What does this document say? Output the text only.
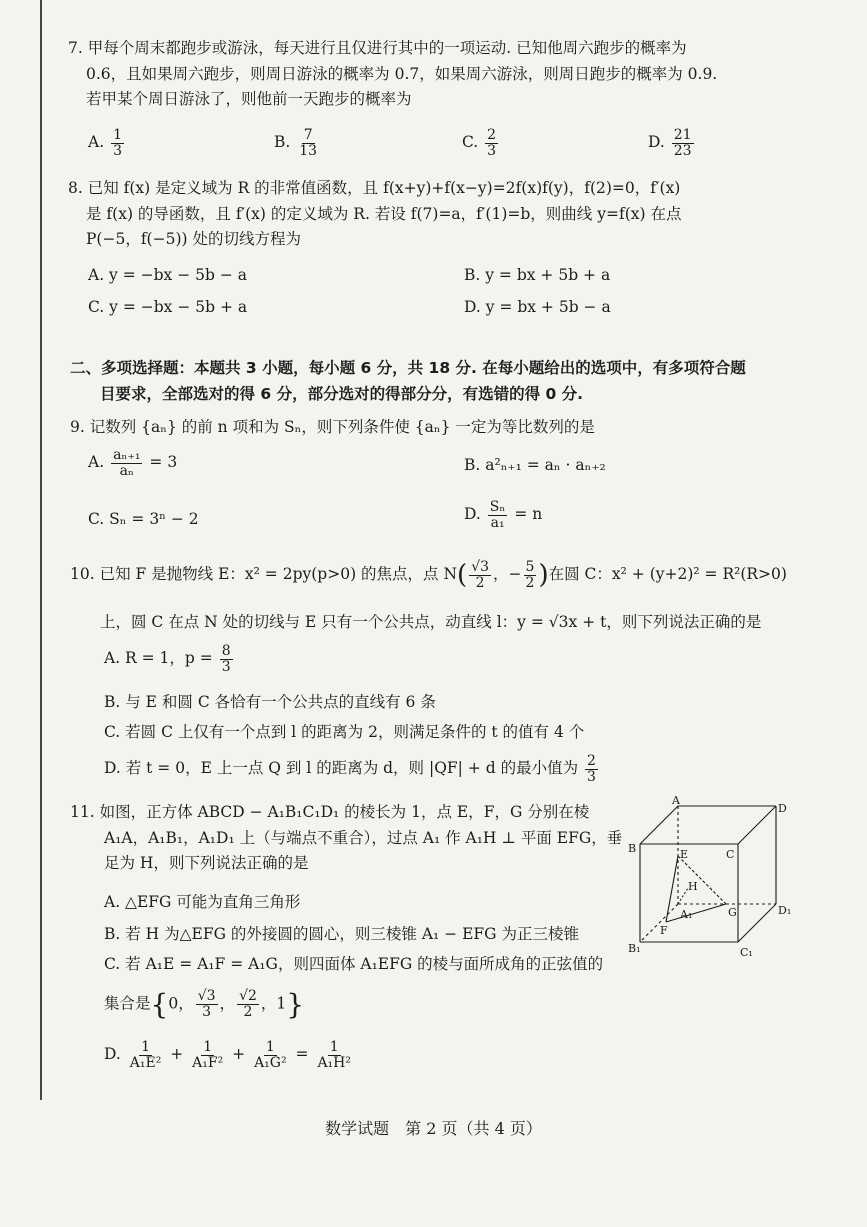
7. 甲每个周末都跑步或游泳，每天进行且仅进行其中的一项运动. 已知他周六跑步的概率为
0.6，且如果周六跑步，则周日游泳的概率为 0.7，如果周六游泳，则周日跑步的概率为 0.9.
若甲某个周日游泳了，则他前一天跑步的概率为
A. $\frac{1}{3}$	B. $\frac{7}{13}$	C. $\frac{2}{3}$	D. $\frac{21}{23}$
8. 已知 f(x) 是定义域为 R 的非常值函数，且 f(x+y)+f(x−y)=2f(x)f(y)，f(2)=0，f′(x)
是 f(x) 的导函数，且 f′(x) 的定义域为 R. 若设 f(7)=a，f′(1)=b，则曲线 y=f(x) 在点
P(−5，f(−5)) 处的切线方程为
A. y = −bx − 5b − a	B. y = bx + 5b + a
C. y = −bx − 5b + a	D. y = bx + 5b − a
二、多项选择题：本题共 3 小题，每小题 6 分，共 18 分. 在每小题给出的选项中，有多项符合题
目要求，全部选对的得 6 分，部分选对的得部分分，有选错的得 0 分.
9. 记数列 {aₙ} 的前 n 项和为 Sₙ，则下列条件使 {aₙ} 一定为等比数列的是
A. $\frac{\text{aₙ₊₁}}{\text{aₙ}} = 3$	B. a²ₙ₊₁ = aₙ · aₙ₊₂
C. Sₙ = 3ⁿ − 2	D. $\frac{\text{Sₙ}}{\text{a₁}} = n$
10. 已知 F 是抛物线 E：x² = 2py(p>0) 的焦点，点 $N( \frac{√3}{2}$ ，− $\frac{5}{2}$ )在圆 C：x² + (y+2)² = R²(R>0)
上，圆 C 在点 N 处的切线与 E 只有一个公共点，动直线 l：y = √3x + t，则下列说法正确的是
A. R = 1，$p = \frac{8}{3}$
B. 与 E 和圆 C 各恰有一个公共点的直线有 6 条
C. 若圆 C 上仅有一个点到 l 的距离为 2，则满足条件的 t 的值有 4 个
D. 若 t = 0，E 上一点 Q 到 l 的距离为 d，则 |QF| + d 的最小值为 $\frac{2}{3}$
11. 如图，正方体 ABCD − A₁B₁C₁D₁ 的棱长为 1，点 E，F，G 分别在棱
A₁A，A₁B₁，A₁D₁ 上（与端点不重合），过点 A₁ 作 A₁H ⊥ 平面 EFG，垂
足为 H，则下列说法正确的是
A. △EFG 可能为直角三角形
B. 若 H 为△EFG 的外接圆的圆心，则三棱锥 A₁ − EFG 为正三棱锥
C. 若 A₁E = A₁F = A₁G，则四面体 A₁EFG 的棱与面所成角的正弦值的
集合是{0， $\frac{√3}{3}$ ， $\frac{√2}{2}$ ，1}
D. $\frac{1}{\text{A₁E²}} + \frac{1}{\text{A₁F²}} + \frac{1}{\text{A₁G²}} = \frac{1}{\text{A₁H²}}$
A
D
B	C
E
H
A₁	G	D₁
F
B₁	C₁
数学试题　第 2 页（共 4 页）
